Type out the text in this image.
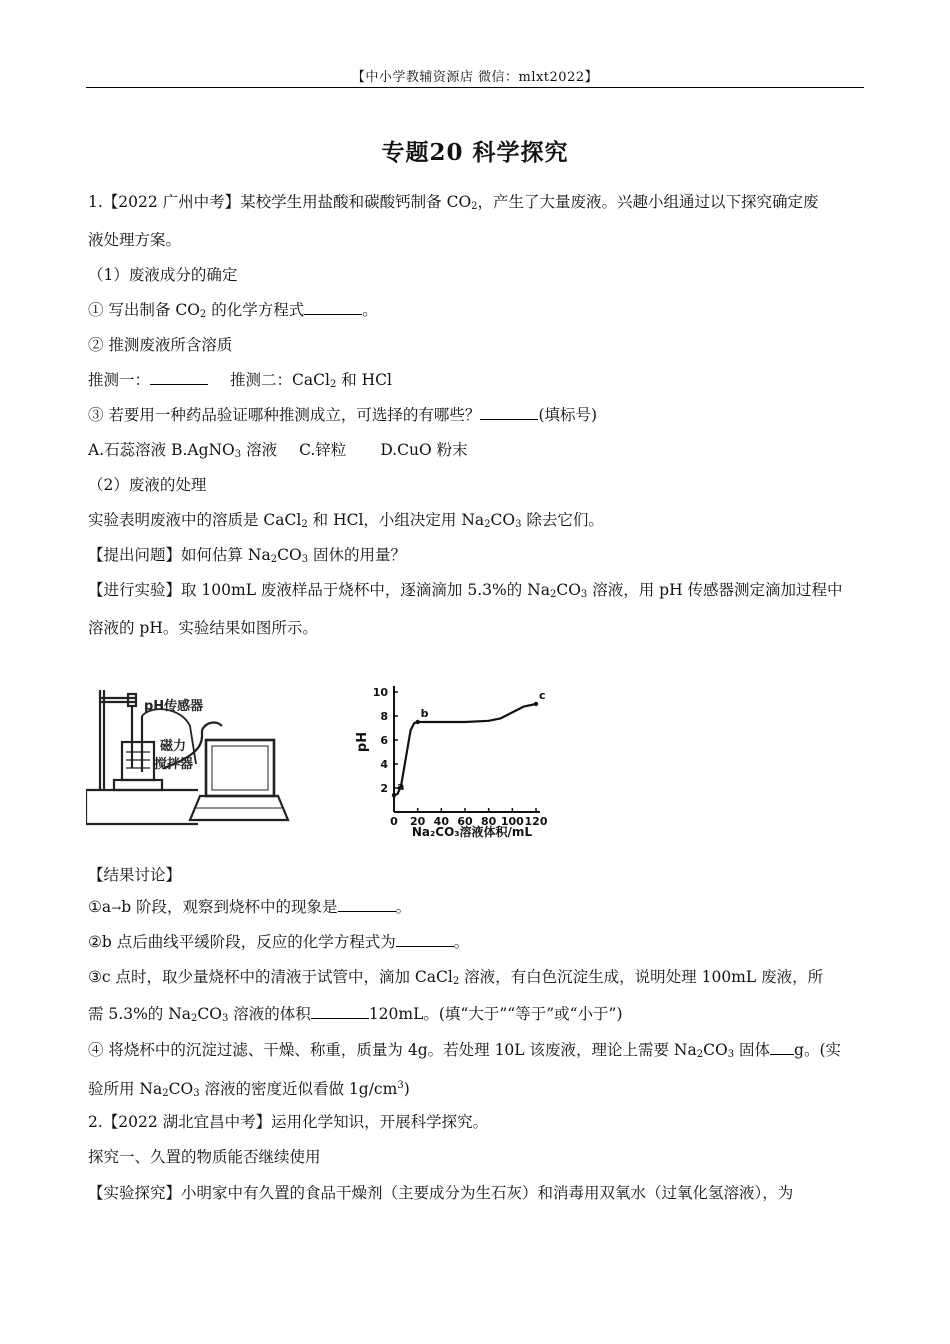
【中小学教辅资源店 微信：mlxt2022】
专题20 科学探究
1.【2022 广州中考】某校学生用盐酸和碳酸钙制备 $CO_2$，产生了大量废液。兴趣小组通过以下探究确定废
液处理方案。
（1）废液成分的确定
① 写出制备 $CO_2$ 的化学方程式	。
② 推测废液所含溶质
推测一：	推测二：CaCl$_2$ 和 HCl
③ 若要用一种药品验证哪种推测成立，可选择的有哪些？	(填标号)
A.石蕊溶液 B.AgNO$_3$ 溶液 C.锌粒 D.CuO 粉末
（2）废液的处理
实验表明废液中的溶质是 CaCl$_2$ 和 HCl，小组决定用 $Na_2CO_3$ 除去它们。
【提出问题】如何估算 $Na_2CO_3$ 固休的用量？
【进行实验】取 100mL 废液样品于烧杯中，逐滴滴加 5.3%的 $Na_2CO_3$ 溶液，用 pH 传感器测定滴加过程中
溶液的 pH。实验结果如图所示。
pH传感器
磁力
搅拌器
0 20 40 60 80 100 120
2
4
6
8
10
a
b
c
Na₂CO₃溶液体积/mL
pH
【结果讨论】
①a→b 阶段，观察到烧杯中的现象是	。
②b 点后曲线平缓阶段，反应的化学方程式为	。
③c 点时，取少量烧杯中的清液于试管中，滴加 CaCl$_2$ 溶液，有白色沉淀生成，说明处理 100mL 废液，所
需 5.3%的 $Na_2CO_3$ 溶液的体积	120mL。(填“大于”“等于”或“小于”)
④ 将烧杯中的沉淀过滤、干燥、称重，质量为 4g。若处理 10L 该废液，理论上需要 $Na_2CO_3$ 固体 g。(实
验所用 $Na_2CO_3$ 溶液的密度近似看做 $1g/cm^3$)
2.【2022 湖北宜昌中考】运用化学知识，开展科学探究。
探究一、久置的物质能否继续使用
【实验探究】小明家中有久置的食品干燥剂（主要成分为生石灰）和消毒用双氧水（过氧化氢溶液），为
